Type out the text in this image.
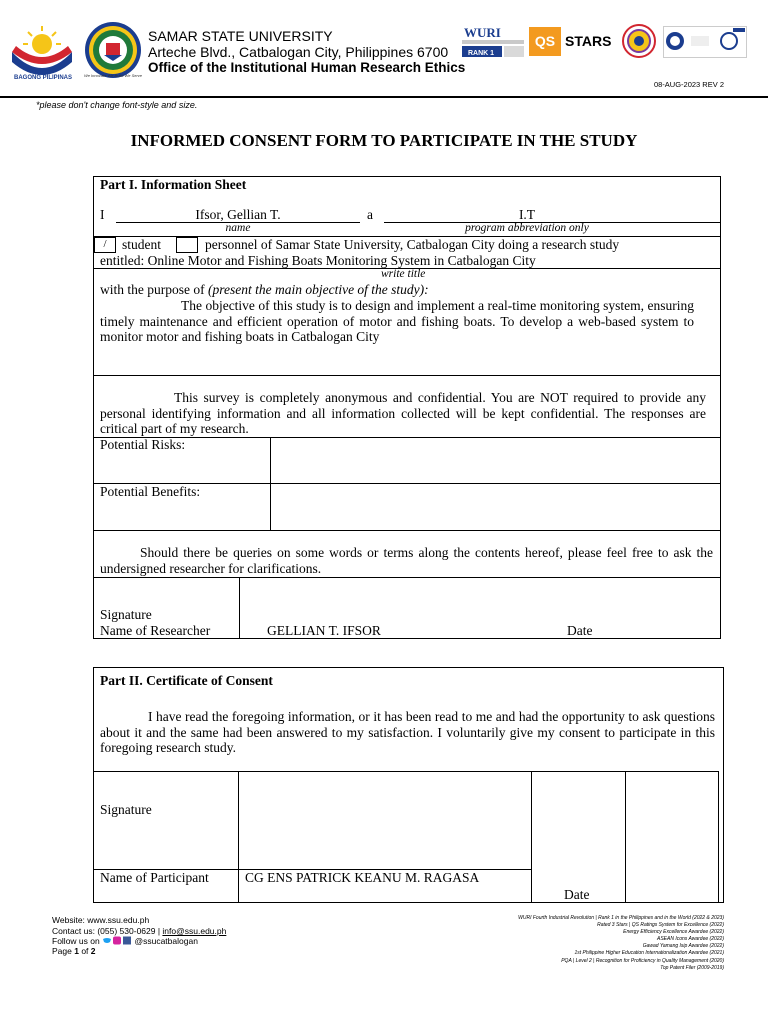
BAGONG PILIPINAS	We Innovate We Build We Serve
SAMAR STATE UNIVERSITY
Arteche Blvd., Catbalogan City, Philippines 6700
Office of the Institutional Human Research Ethics
WURI
RANK 1
QS STARS
08-AUG-2023 REV 2
*please don't change font-style and size.
INFORMED CONSENT FORM TO PARTICIPATE IN THE STUDY
Part I. Information Sheet
I	Ifsor, Gellian T.	a	I.T
name	program abbreviation only
/	student	personnel of Samar State University, Catbalogan City doing a research study
entitled: Online Motor and Fishing Boats Monitoring System in Catbalogan City
write title
with the purpose of (present the main objective of the study):
The objective of this study is to design and implement a real-time monitoring system, ensuring timely maintenance and efficient operation of motor and fishing boats. To develop a web-based system to monitor motor and fishing boats in Catbalogan City
This survey is completely anonymous and confidential. You are NOT required to provide any personal identifying information and all information collected will be kept confidential. The responses are critical part of my research.
Potential Risks:
Potential Benefits:
Should there be queries on some words or terms along the contents hereof, please feel free to ask the undersigned researcher for clarifications.
Signature
Name of Researcher	GELLIAN T. IFSOR	Date
Part II. Certificate of Consent
I have read the foregoing information, or it has been read to me and had the opportunity to ask questions about it and the same had been answered to my satisfaction. I voluntarily give my consent to participate in this foregoing research study.
Signature
Name of Participant	CG ENS PATRICK KEANU M. RAGASA
Date
Website: www.ssu.edu.ph
Contact us: (055) 530-0629 | info@ssu.edu.ph
Follow us on	@ssucatbalogan
Page 1 of 2
WURI Fourth Industrial Revolution | Rank 1 in the Philippines and in the World (2022 & 2023)
Rated 3 Stars | QS Ratings System for Excellence (2022)
Energy Efficiency Excellence Awardee (2022)
ASEAN Icons Awardee (2022)
Gawad Yamang Isip Awardee (2022)
1st Philippine Higher Education Internationalization Awardee (2021)
PQA | Level 2 | Recognition for Proficiency in Quality Management (2020)
Top Patent Filer (2009-2019)
